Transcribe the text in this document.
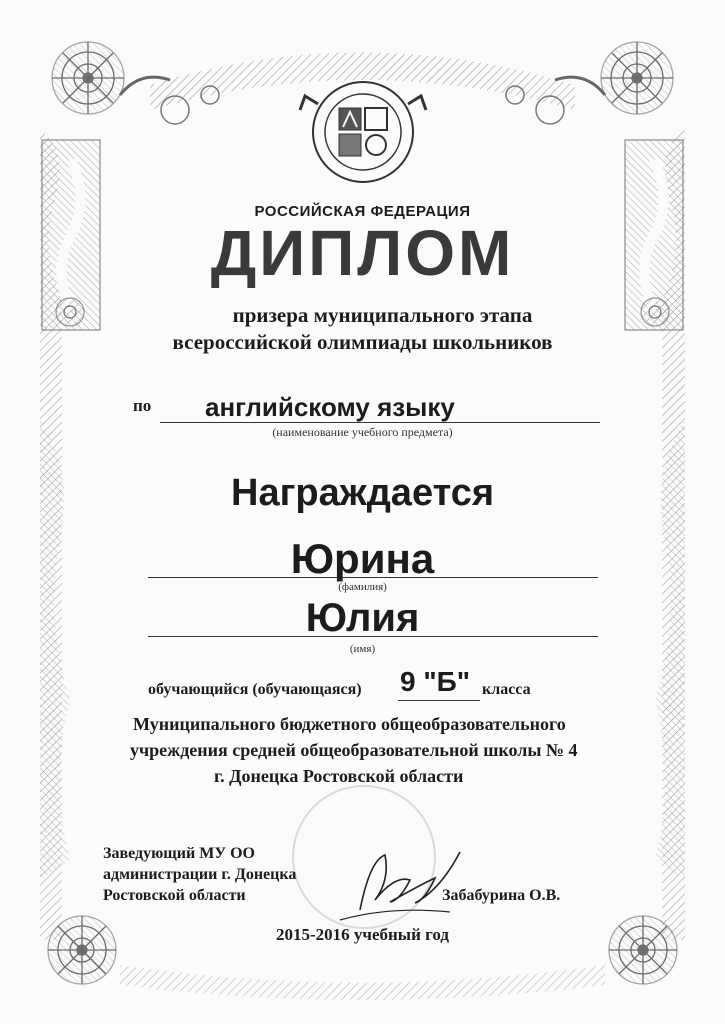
РОССИЙСКАЯ ФЕДЕРАЦИЯ
ДИПЛОМ
призера муниципального этапа
всероссийской олимпиады школьников
по английскому языку
(наименование учебного предмета)
Награждается
Юрина
(фамилия)
Юлия
(имя)
обучающийся (обучающаяся) 9 "Б" класса
Муниципального бюджетного общеобразовательного
учреждения средней общеобразовательной школы № 4
г. Донецка Ростовской области
Заведующий МУ ОО
администрации г. Донецка
Ростовской области	Забабурина О.В.
2015-2016 учебный год
